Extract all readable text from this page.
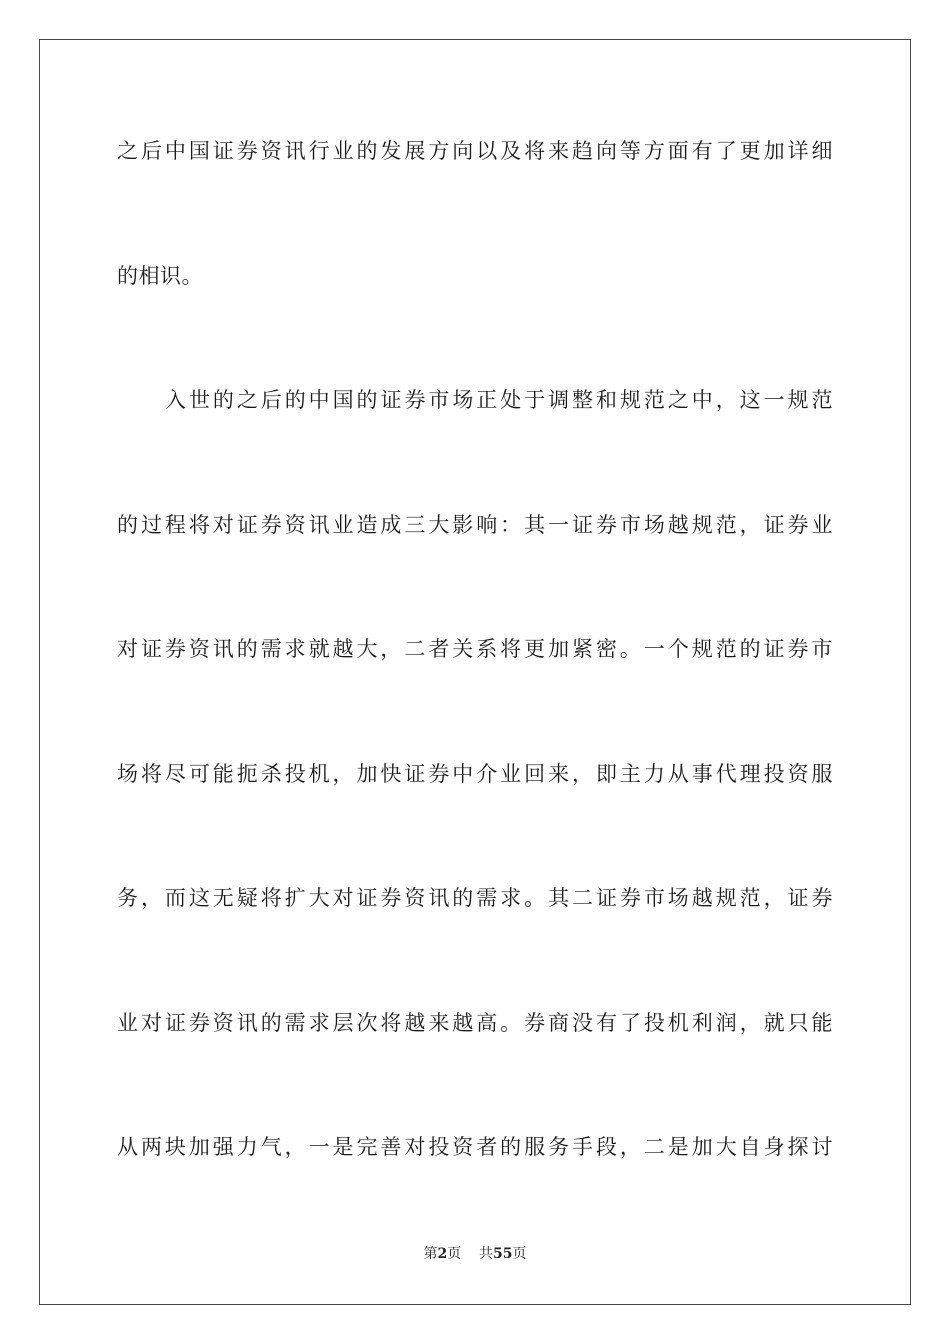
之后中国证券资讯行业的发展方向以及将来趋向等方面有了更加详细
的相识。
入世的之后的中国的证券市场正处于调整和规范之中，这一规范
的过程将对证券资讯业造成三大影响：其一证券市场越规范，证券业
对证券资讯的需求就越大，二者关系将更加紧密。一个规范的证券市
场将尽可能扼杀投机，加快证券中介业回来，即主力从事代理投资服
务，而这无疑将扩大对证券资讯的需求。其二证券市场越规范，证券
业对证券资讯的需求层次将越来越高。券商没有了投机利润，就只能
从两块加强力气，一是完善对投资者的服务手段，二是加大自身探讨
第2页 共55页
